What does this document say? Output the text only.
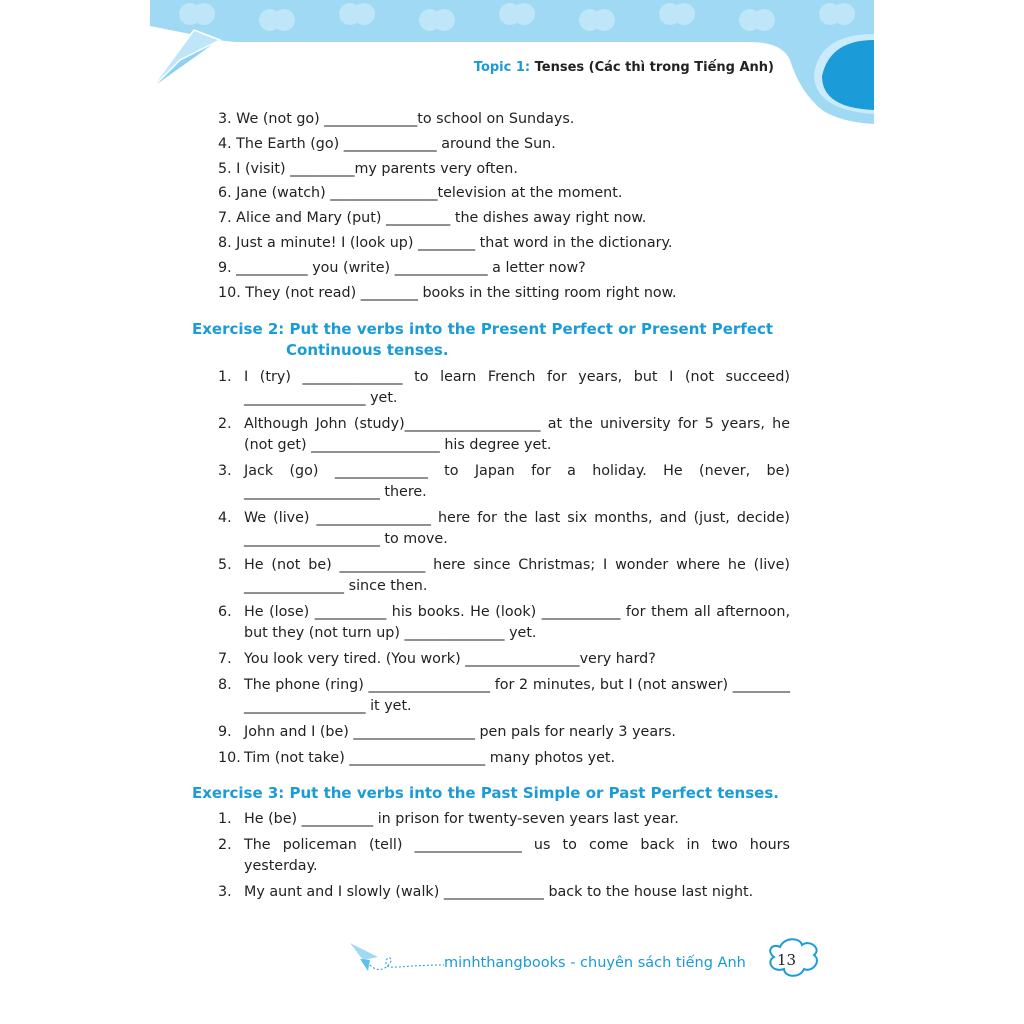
Topic 1: Tenses (Các thì trong Tiếng Anh)
3. We (not go) _____________to school on Sundays.
4. The Earth (go) _____________ around the Sun.
5. I (visit) _________my parents very often.
6. Jane (watch) _______________television at the moment.
7. Alice and Mary (put) _________ the dishes away right now.
8. Just a minute! I (look up) ________ that word in the dictionary.
9. __________ you (write) _____________ a letter now?
10. They (not read) ________ books in the sitting room right now.
Exercise 2: Put the verbs into the Present Perfect or Present Perfect
Continuous tenses.
1. I (try) ______________ to learn French for years, but I (not succeed) _________________ yet.
2. Although John (study)___________________ at the university for 5 years, he (not get) __________________ his degree yet.
3. Jack (go) _____________ to Japan for a holiday. He (never, be) ___________________ there.
4. We (live) ________________ here for the last six months, and (just, decide) ___________________ to move.
5. He (not be) ____________ here since Christmas; I wonder where he (live) ______________ since then.
6. He (lose) __________ his books. He (look) ___________ for them all afternoon, but they (not turn up) ______________ yet.
7. You look very tired. (You work) ________________very hard?
8. The phone (ring) _________________ for 2 minutes, but I (not answer) ________ _________________ it yet.
9. John and I (be) _________________ pen pals for nearly 3 years.
10. Tim (not take) ___________________ many photos yet.
Exercise 3: Put the verbs into the Past Simple or Past Perfect tenses.
1. He (be) __________ in prison for twenty-seven years last year.
2. The policeman (tell) _______________ us to come back in two hours yesterday.
3. My aunt and I slowly (walk) ______________ back to the house last night.
minhthangbooks - chuyên sách tiếng Anh 13
